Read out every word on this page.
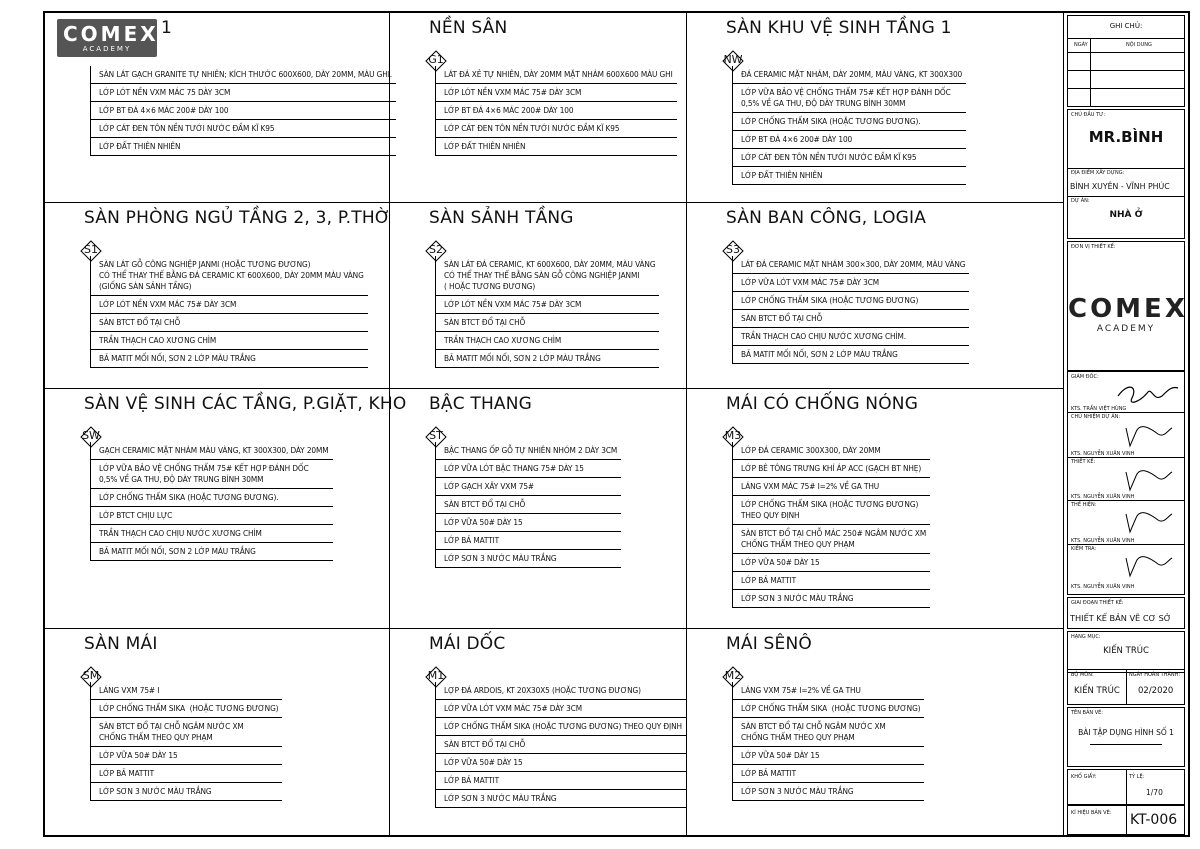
1
SÀN LÁT GẠCH GRANITE TỰ NHIÊN; KÍCH THƯỚC 600X600, DÀY 20MM, MÀU GHI.
LỚP LÓT NỀN VXM MÁC 75 DÀY 3CM
LỚP BT ĐÁ 4×6 MÁC 200# DÀY 100
LỚP CÁT ĐEN TÔN NỀN TƯỚI NƯỚC ĐẦM KĨ K95
LỚP ĐẤT THIÊN NHIÊN
NỀN SÂN
G1
LÁT ĐÁ XẺ TỰ NHIÊN, DÀY 20MM MẶT NHÁM 600X600 MÀU GHI
LỚP LÓT NỀN VXM MÁC 75# DÀY 3CM
LỚP BT ĐÁ 4×6 MÁC 200# DÀY 100
LỚP CÁT ĐEN TÔN NỀN TƯỚI NƯỚC ĐẦM KĨ K95
LỚP ĐẤT THIÊN NHIÊN
SÀN KHU VỆ SINH TẦNG 1
NW
ĐÁ CERAMIC MẶT NHÁM, DÀY 20MM, MÀU VÀNG, KT 300X300
LỚP VỮA BẢO VỆ CHỐNG THẤM 75# KẾT HỢP ĐÁNH DỐC
0,5% VỀ GA THU, ĐỘ DÀY TRUNG BÌNH 30MM
LỚP CHỐNG THẤM SIKA (HOẶC TƯƠNG ĐƯƠNG).
LỚP BT ĐÁ 4×6 200# DÀY 100
LỚP CÁT ĐEN TÔN NỀN TƯỚI NƯỚC ĐẦM KĨ K95
LỚP ĐẤT THIÊN NHIÊN
SÀN PHÒNG NGỦ TẦNG 2, 3, P.THỜ
S1
SÀN LÁT GỖ CÔNG NGHIỆP JANMI (HOẶC TƯƠNG ĐƯƠNG)
CÓ THỂ THAY THẾ BẰNG ĐÁ CERAMIC KT 600X600, DÀY 20MM MÀU VÀNG
(GIỐNG SÀN SẢNH TẦNG)
LỚP LÓT NỀN VXM MÁC 75# DÀY 3CM
SÀN BTCT ĐỔ TẠI CHỖ
TRẦN THẠCH CAO XƯƠNG CHÌM
BẢ MATIT MỐI NỐI, SƠN 2 LỚP MÀU TRẮNG
SÀN SẢNH TẦNG
S2
SÀN LÁT ĐÁ CERAMIC, KT 600X600, DÀY 20MM, MÀU VÀNG
CÓ THỂ THAY THẾ BẰNG SÀN GỖ CÔNG NGHIỆP JANMI
( HOẶC TƯƠNG ĐƯƠNG)
LỚP LÓT NỀN VXM MÁC 75# DÀY 3CM
SÀN BTCT ĐỔ TẠI CHỖ
TRẦN THẠCH CAO XƯƠNG CHÌM
BẢ MATIT MỐI NỐI, SƠN 2 LỚP MÀU TRẮNG
SÀN BAN CÔNG, LOGIA
S3
LÁT ĐÁ CERAMIC MẶT NHÁM 300×300, DÀY 20MM, MÀU VÀNG
LỚP VỮA LÓT VXM MÁC 75# DÀY 3CM
LỚP CHỐNG THẤM SIKA (HOẶC TƯƠNG ĐƯƠNG)
SÀN BTCT ĐỔ TẠI CHỖ
TRẦN THẠCH CAO CHỊU NƯỚC XƯƠNG CHÌM.
BẢ MATIT MỐI NỐI, SƠN 2 LỚP MÀU TRẮNG
SÀN VỆ SINH CÁC TẦNG, P.GIẶT, KHO
SW
GẠCH CERAMIC MẶT NHÁM MÀU VÀNG, KT 300X300, DÀY 20MM
LỚP VỮA BẢO VỆ CHỐNG THẤM 75# KẾT HỢP ĐÁNH DỐC
0,5% VỀ GA THU, ĐỘ DÀY TRUNG BÌNH 30MM
LỚP CHỐNG THẤM SIKA (HOẶC TƯƠNG ĐƯƠNG).
LỚP BTCT CHỊU LỰC
TRẦN THẠCH CAO CHỊU NƯỚC XƯƠNG CHÌM
BẢ MATIT MỐI NỐI, SƠN 2 LỚP MÀU TRẮNG
BẬC THANG
ST
BẬC THANG ỐP GỖ TỰ NHIÊN NHÓM 2 DÀY 3CM
LỚP VỮA LÓT BẬC THANG 75# DÀY 15
LỚP GẠCH XÂY VXM 75#
SÀN BTCT ĐỔ TẠI CHỖ
LỚP VỮA 50# DÀY 15
LỚP BẢ MATTIT
LỚP SƠN 3 NƯỚC MÀU TRẮNG
MÁI CÓ CHỐNG NÓNG
M3
LỚP ĐÁ CERAMIC 300X300, DÀY 20MM
LỚP BÊ TÔNG TRƯNG KHÍ ÁP ACC (GẠCH BT NHẸ)
LÁNG VXM MÁC 75# I=2% VỀ GA THU
LỚP CHỐNG THẤM SIKA (HOẶC TƯƠNG ĐƯƠNG)
THEO QUY ĐỊNH
SÀN BTCT ĐỔ TẠI CHỖ MÁC 250# NGÂM NƯỚC XM
CHỐNG THẤM THEO QUY PHẠM
LỚP VỮA 50# DÀY 15
LỚP BẢ MATTIT
LỚP SƠN 3 NƯỚC MÀU TRẮNG
SÀN MÁI
SM
LÁNG VXM 75# I
LỚP CHỐNG THẤM SIKA  (HOẶC TƯƠNG ĐƯƠNG)
SÀN BTCT ĐỔ TẠI CHỖ NGÂM NƯỚC XM
CHỐNG THẤM THEO QUY PHẠM
LỚP VỮA 50# DÀY 15
LỚP BẢ MATTIT
LỚP SƠN 3 NƯỚC MÀU TRẮNG
MÁI DỐC
M1
LỢP ĐÁ ARDOIS, KT 20X30X5 (HOẶC TƯƠNG ĐƯƠNG)
LỚP VỮA LÓT VXM MÁC 75# DÀY 3CM
LỚP CHỐNG THẤM SIKA (HOẶC TƯƠNG ĐƯƠNG) THEO QUY ĐỊNH
SÀN BTCT ĐỔ TẠI CHỖ
LỚP VỮA 50# DÀY 15
LỚP BẢ MATTIT
LỚP SƠN 3 NƯỚC MÀU TRẮNG
MÁI SÊNÔ
M2
LÁNG VXM 75# I=2% VỀ GA THU
LỚP CHỐNG THẤM SIKA  (HOẶC TƯƠNG ĐƯƠNG)
SÀN BTCT ĐỔ TẠI CHỖ NGÂM NƯỚC XM
CHỐNG THẤM THEO QUY PHẠM
LỚP VỮA 50# DÀY 15
LỚP BẢ MATTIT
LỚP SƠN 3 NƯỚC MÀU TRẮNG
COMEX
ACADEMY
GHI CHÚ:
NGÀY	NỘI DUNG
CHỦ ĐẦU TƯ:
MR.BÌNH
ĐỊA ĐIỂM XÂY DỰNG:
BÌNH XUYÊN - VĨNH PHÚC
DỰ ÁN:
NHÀ Ở
ĐƠN VỊ THIẾT KẾ:
COMEX
ACADEMY
GIÁM ĐỐC:
KTS. TRẦN VIỆT HÙNG
CHỦ NHIỆM DỰ ÁN:
KTS. NGUYỄN XUÂN VINH
THIẾT KẾ:
KTS. NGUYỄN XUÂN VINH
THỂ HIỆN:
KTS. NGUYỄN XUÂN VINH
KIỂM TRA:
KTS. NGUYỄN XUÂN VINH
GIAI ĐOẠN THIẾT KẾ:
THIẾT KẾ BẢN VẼ CƠ SỞ
HẠNG MỤC:
KIẾN TRÚC
BỘ MÔN:
KIẾN TRÚC
NGÀY HOÀN THÀNH:
02/2020
TÊN BẢN VẼ:
BÀI TẬP DỤNG HÌNH SỐ 1
KHỔ GIẤY:	TỶ LỆ:
1/70
KÍ HIỆU BẢN VẼ: KT-006
